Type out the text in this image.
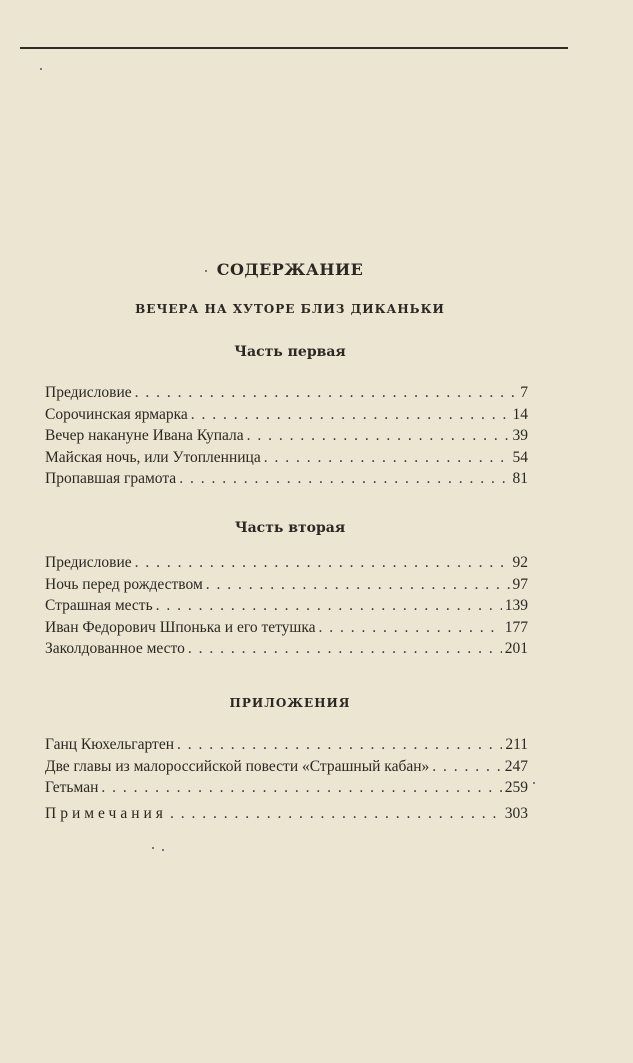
СОДЕРЖАНИЕ
ВЕЧЕРА НА ХУТОРЕ БЛИЗ ДИКАНЬКИ
Часть первая
Предисловие . . .	7
Сорочинская ярмарка . . .	14
Вечер накануне Ивана Купала . . .	39
Майская ночь, или Утопленница . . .	54
Пропавшая грамота . . .	81
Часть вторая
Предисловие . . .	92
Ночь перед рождеством . . .	97
Страшная месть . . .	139
Иван Федорович Шпонька и его тетушка . . .	177
Заколдованное место . . .	201
ПРИЛОЖЕНИЯ
Ганц Кюхельгартен . . .	211
Две главы из малороссийской повести «Страшный кабан» . . .	247
Гетьман . . .	259
Примечания . . .	303
